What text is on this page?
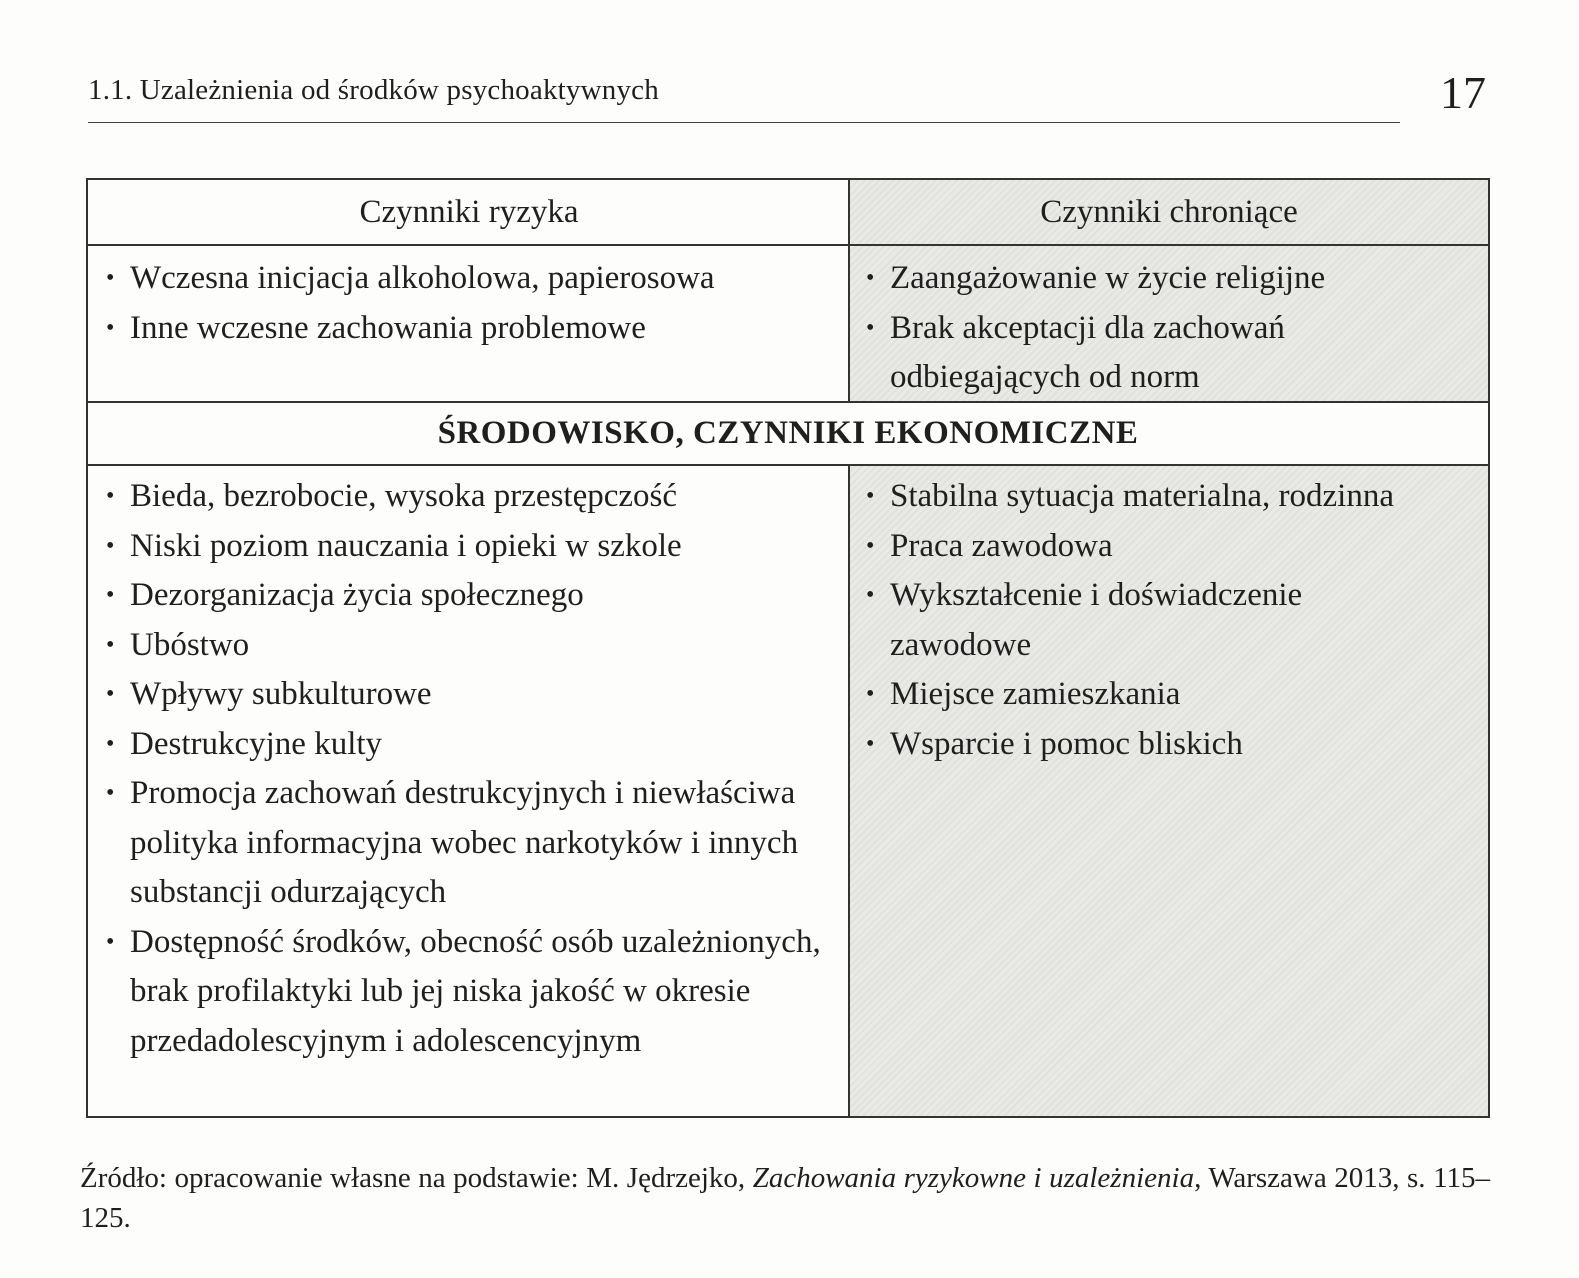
1.1. Uzależnienia od środków psychoaktywnych	17
Czynniki ryzyka	Czynniki chroniące
• Wczesna inicjacja alkoholowa, papierosowa
• Inne wczesne zachowania problemowe
• Zaangażowanie w życie religijne
• Brak akceptacji dla zachowań odbiegających od norm
ŚRODOWISKO, CZYNNIKI EKONOMICZNE
• Bieda, bezrobocie, wysoka przestępczość
• Niski poziom nauczania i opieki w szkole
• Dezorganizacja życia społecznego
• Ubóstwo
• Wpływy subkulturowe
• Destrukcyjne kulty
• Promocja zachowań destrukcyjnych i niewłaściwa polityka informacyjna wobec narkotyków i innych substancji odurzających
• Dostępność środków, obecność osób uzależnionych, brak profilaktyki lub jej niska jakość w okresie przedadolescyjnym i adolescencyjnym
• Stabilna sytuacja materialna, rodzinna
• Praca zawodowa
• Wykształcenie i doświadczenie zawodowe
• Miejsce zamieszkania
• Wsparcie i pomoc bliskich
Źródło: opracowanie własne na podstawie: M. Jędrzejko, Zachowania ryzykowne i uzależnienia, Warszawa 2013, s. 115–125.
